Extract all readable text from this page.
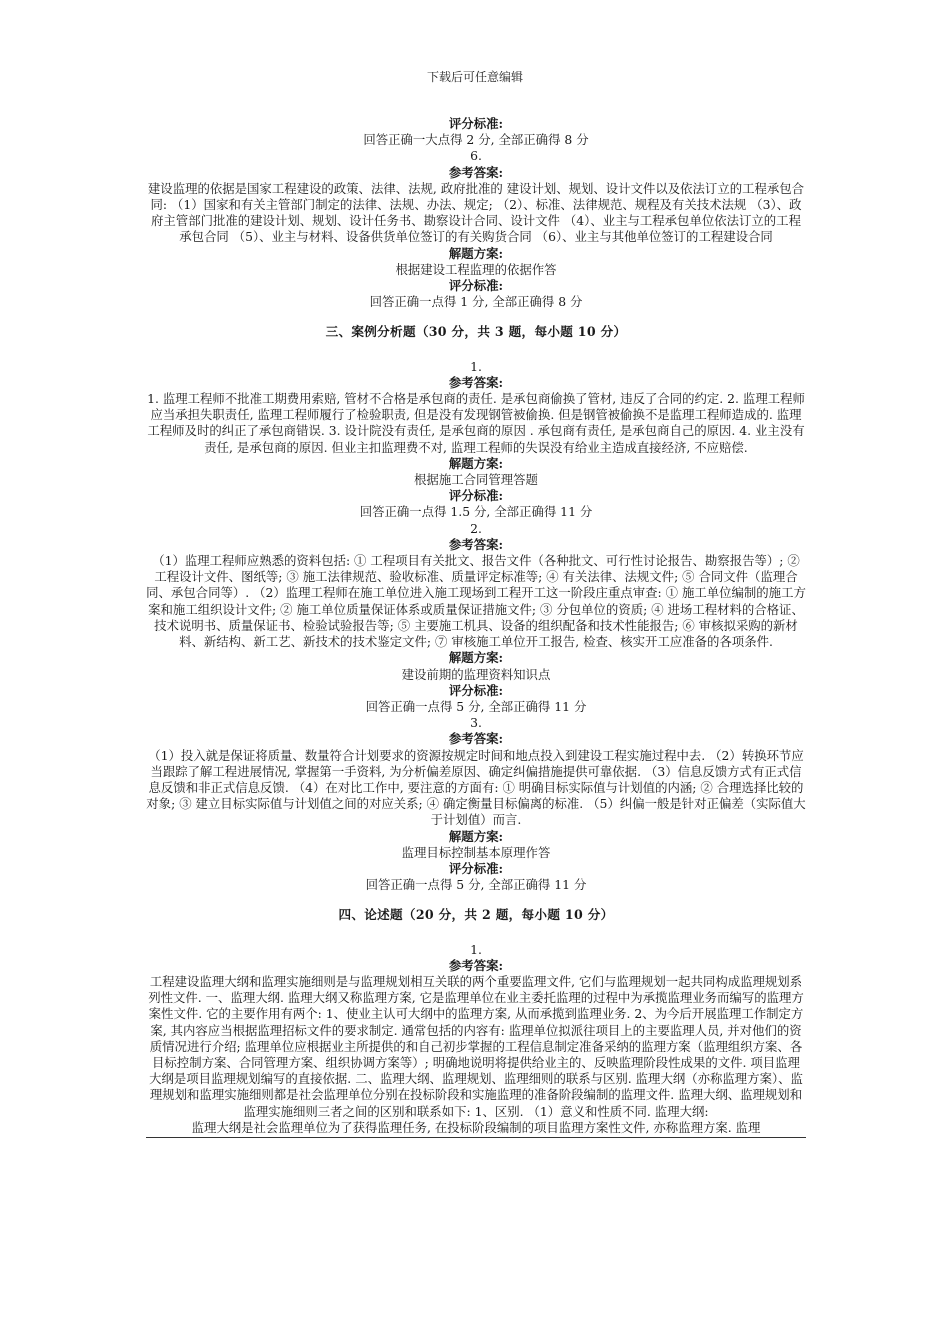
下载后可任意编辑
评分标准:
回答正确一大点得 2 分, 全部正确得 8 分
6.
参考答案:
建设监理的依据是国家工程建设的政策、法律、法规, 政府批准的 建设计划、规划、设计文件以及依法订立的工程承包合同: （1）国家和有关主管部门制定的法律、法规、办法、规定; （2）、标准、法律规范、规程及有关技术法规 （3）、政府主管部门批准的建设计划、规划、设计任务书、勘察设计合同、设计文件 （4）、业主与工程承包单位依法订立的工程承包合同 （5）、业主与材料、设备供货单位签订的有关购货合同 （6）、业主与其他单位签订的工程建设合同
解题方案:
根据建设工程监理的依据作答
评分标准:
回答正确一点得 1 分, 全部正确得 8 分
三、案例分析题（30 分，共 3 题，每小题 10 分）
1.
参考答案:
1. 监理工程师不批准工期费用索赔, 管材不合格是承包商的责任. 是承包商偷换了管材, 违反了合同的约定. 2. 监理工程师应当承担失职责任, 监理工程师履行了检验职责, 但是没有发现钢管被偷换. 但是钢管被偷换不是监理工程师造成的. 监理工程师及时的纠正了承包商错误. 3. 设计院没有责任, 是承包商的原因 . 承包商有责任, 是承包商自己的原因. 4. 业主没有责任, 是承包商的原因. 但业主扣监理费不对, 监理工程师的失误没有给业主造成直接经济, 不应赔偿.
解题方案:
根据施工合同管理答题
评分标准:
回答正确一点得 1.5 分, 全部正确得 11 分
2.
参考答案:
（1）监理工程师应熟悉的资料包括: ① 工程项目有关批文、报告文件（各种批文、可行性讨论报告、勘察报告等）; ② 工程设计文件、图纸等; ③ 施工法律规范、验收标准、质量评定标准等; ④ 有关法律、法规文件; ⑤ 合同文件（监理合同、承包合同等）. （2）监理工程师在施工单位进入施工现场到工程开工这一阶段庄重点审查: ① 施工单位编制的施工方案和施工组织设计文件; ② 施工单位质量保证体系或质量保证措施文件; ③ 分包单位的资质; ④ 进场工程材料的合格证、技术说明书、质量保证书、检验试验报告等; ⑤ 主要施工机具、设备的组织配备和技术性能报告; ⑥ 审核拟采购的新材料、新结构、新工艺、新技术的技术鉴定文件; ⑦ 审核施工单位开工报告, 检查、核实开工应准备的各项条件.
解题方案:
建设前期的监理资料知识点
评分标准:
回答正确一点得 5 分, 全部正确得 11 分
3.
参考答案:
（1）投入就是保证将质量、数量符合计划要求的资源按规定时间和地点投入到建设工程实施过程中去. （2）转换环节应当跟踪了解工程进展情况, 掌握第一手资料, 为分析偏差原因、确定纠偏措施提供可靠依据. （3）信息反馈方式有正式信息反馈和非正式信息反馈. （4）在对比工作中, 要注意的方面有: ① 明确目标实际值与计划值的内涵; ② 合理选择比较的对象; ③ 建立目标实际值与计划值之间的对应关系; ④ 确定衡量目标偏离的标准. （5）纠偏一般是针对正偏差（实际值大于计划值）而言.
解题方案:
监理目标控制基本原理作答
评分标准:
回答正确一点得 5 分, 全部正确得 11 分
四、论述题（20 分，共 2 题，每小题 10 分）
1.
参考答案:
工程建设监理大纲和监理实施细则是与监理规划相互关联的两个重要监理文件, 它们与监理规划一起共同构成监理规划系列性文件. 一、监理大纲. 监理大纲又称监理方案, 它是监理单位在业主委托监理的过程中为承揽监理业务而编写的监理方案性文件. 它的主要作用有两个: 1、使业主认可大纲中的监理方案, 从而承揽到监理业务. 2、为今后开展监理工作制定方案, 其内容应当根据监理招标文件的要求制定. 通常包括的内容有: 监理单位拟派往项目上的主要监理人员, 并对他们的资质情况进行介绍; 监理单位应根据业主所提供的和自己初步掌握的工程信息制定准备采纳的监理方案（监理组织方案、各目标控制方案、合同管理方案、组织协调方案等）; 明确地说明将提供给业主的、反映监理阶段性成果的文件. 项目监理大纲是项目监理规划编写的直接依据. 二、监理大纲、监理规划、监理细则的联系与区别. 监理大纲（亦称监理方案）、监理规划和监理实施细则都是社会监理单位分别在投标阶段和实施监理的准备阶段编制的监理文件. 监理大纲、监理规划和监理实施细则三者之间的区别和联系如下: 1、区别. （1）意义和性质不同. 监理大纲:
监理大纲是社会监理单位为了获得监理任务, 在投标阶段编制的项目监理方案性文件, 亦称监理方案. 监理
